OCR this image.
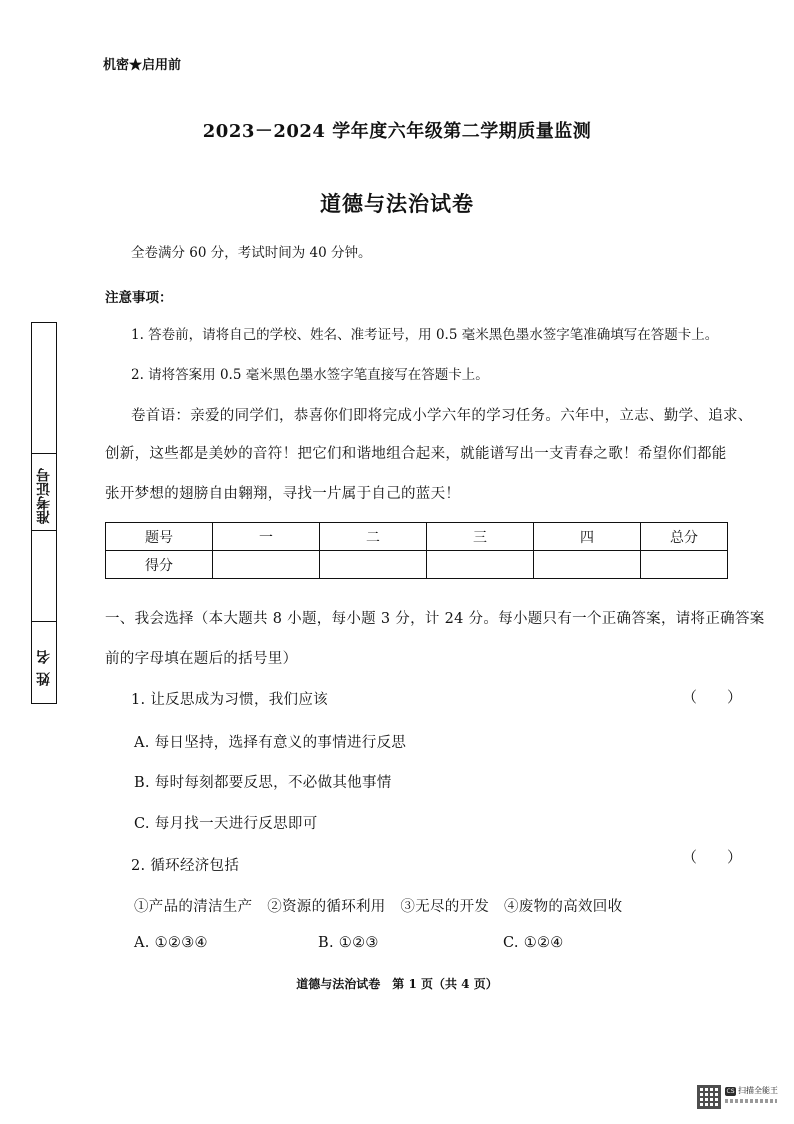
机密★启用前
2023－2024 学年度六年级第二学期质量监测
道德与法治试卷
全卷满分 60 分，考试时间为 40 分钟。
注意事项：
1. 答卷前，请将自己的学校、姓名、准考证号，用 0.5 毫米黑色墨水签字笔准确填写在答题卡上。
2. 请将答案用 0.5 毫米黑色墨水签字笔直接写在答题卡上。
卷首语：亲爱的同学们，恭喜你们即将完成小学六年的学习任务。六年中，立志、勤学、追求、
创新，这些都是美妙的音符！把它们和谐地组合起来，就能谱写出一支青春之歌！希望你们都能
张开梦想的翅膀自由翱翔，寻找一片属于自己的蓝天！
准考证号
姓名
题号	一	二	三	四	总分
得分					
一、我会选择（本大题共 8 小题，每小题 3 分，计 24 分。每小题只有一个正确答案，请将正确答案
前的字母填在题后的括号里）
1. 让反思成为习惯，我们应该	（　　）
A. 每日坚持，选择有意义的事情进行反思
B. 每时每刻都要反思，不必做其他事情
C. 每月找一天进行反思即可
2. 循环经济包括	（　　）
①产品的清洁生产　②资源的循环利用　③无尽的开发　④废物的高效回收
A. ①②③④	B. ①②③	C. ①②④
道德与法治试卷　第 1 页（共 4 页）
CS 扫描全能王
